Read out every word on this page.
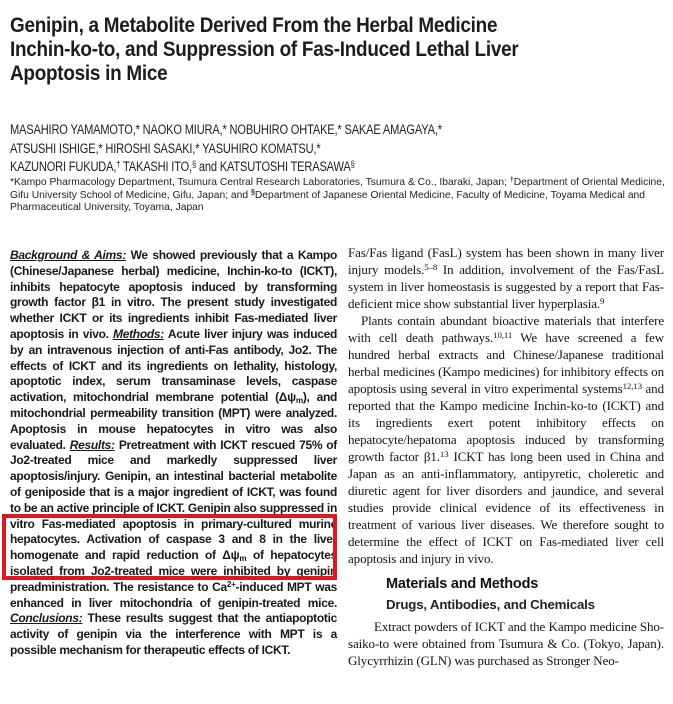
Genipin, a Metabolite Derived From the Herbal Medicine
Inchin-ko-to, and Suppression of Fas-Induced Lethal Liver
Apoptosis in Mice
MASAHIRO YAMAMOTO,* NAOKO MIURA,* NOBUHIRO OHTAKE,* SAKAE AMAGAYA,*
ATSUSHI ISHIGE,* HIROSHI SASAKI,* YASUHIRO KOMATSU,*
KAZUNORI FUKUDA,† TAKASHI ITO,§ and KATSUTOSHI TERASAWA§
*Kampo Pharmacology Department, Tsumura Central Research Laboratories, Tsumura & Co., Ibaraki, Japan; †Department of Oriental Medicine, Gifu University School of Medicine, Gifu, Japan; and §Department of Japanese Oriental Medicine, Faculty of Medicine, Toyama Medical and Pharmaceutical University, Toyama, Japan

Background & Aims: We showed previously that a Kampo (Chinese/Japanese herbal) medicine, Inchin-ko-to (ICKT), inhibits hepatocyte apoptosis induced by transforming growth factor β1 in vitro. The present study investigated whether ICKT or its ingredients inhibit Fas-mediated liver apoptosis in vivo. Methods: Acute liver injury was induced by an intravenous injection of anti-Fas antibody, Jo2. The effects of ICKT and its ingredients on lethality, histology, apoptotic index, serum transaminase levels, caspase activation, mitochondrial membrane potential $(\Delta\psi_m)$, and mitochondrial permeability transition (MPT) were analyzed. Apoptosis in mouse hepatocytes in vitro was also evaluated. Results: Pretreatment with ICKT rescued 75% of Jo2-treated mice and markedly suppressed liver apoptosis/injury. Genipin, an intestinal bacterial metabolite of geniposide that is a major ingredient of ICKT, was found to be an active principle of ICKT. Genipin also suppressed in vitro Fas-mediated apoptosis in primary-cultured murine hepatocytes. Activation of caspase 3 and 8 in the liver homogenate and rapid reduction of $\Delta\psi_m$ of hepatocytes isolated from Jo2-treated mice were inhibited by genipin preadministration. The resistance to $Ca^{2+}$-induced MPT was enhanced in liver mitochondria of genipin-treated mice. Conclusions: These results suggest that the antiapoptotic activity of genipin via the interference with MPT is a possible mechanism for therapeutic effects of ICKT.

Fas/Fas ligand (FasL) system has been shown in many liver injury models.$^{5-8}$ In addition, involvement of the Fas/FasL system in liver homeostasis is suggested by a report that Fas-deficient mice show substantial liver hyperplasia.$^9$

Plants contain abundant bioactive materials that interfere with cell death pathways.$^{10,11}$ We have screened a few hundred herbal extracts and Chinese/Japanese traditional herbal medicines (Kampo medicines) for inhibitory effects on apoptosis using several in vitro experimental systems$^{12,13}$ and reported that the Kampo medicine Inchin-ko-to (ICKT) and its ingredients exert potent inhibitory effects on hepatocyte/hepatoma apoptosis induced by transforming growth factor β1.13 ICKT has long been used in China and Japan as an anti-inflammatory, antipyretic, choleretic and diuretic agent for liver disorders and jaundice, and several studies provide clinical evidence of its effectiveness in treatment of various liver diseases. We therefore sought to determine the effect of ICKT on Fas-mediated liver cell apoptosis and injury in vivo.

Materials and Methods
Drugs, Antibodies, and Chemicals

Extract powders of ICKT and the Kampo medicine Sho-saiko-to were obtained from Tsumura & Co. (Tokyo, Japan). Glycyrrhizin (GLN) was purchased as Stronger Neo-
